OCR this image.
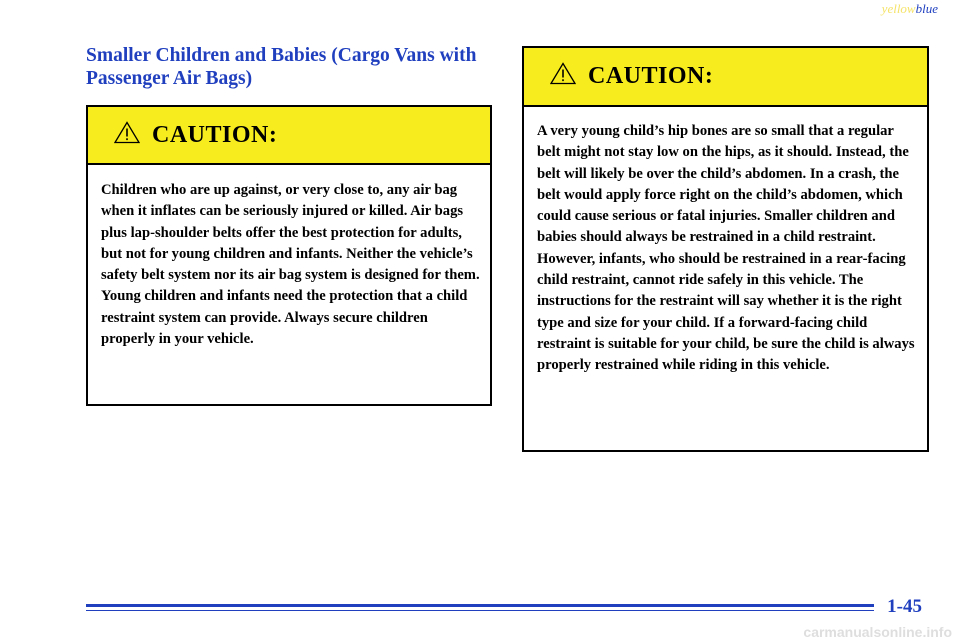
yellowblue
Smaller Children and Babies (Cargo Vans with Passenger Air Bags)
CAUTION:

Children who are up against, or very close to, any air bag when it inflates can be seriously injured or killed. Air bags plus lap‑shoulder belts offer the best protection for adults, but not for young children and infants. Neither the vehicle’s safety belt system nor its air bag system is designed for them. Young children and infants need the protection that a child restraint system can provide. Always secure children properly in your vehicle.

CAUTION:

A very young child’s hip bones are so small that a regular belt might not stay low on the hips, as it should. Instead, the belt will likely be over the child’s abdomen. In a crash, the belt would apply force right on the child’s abdomen, which could cause serious or fatal injuries. Smaller children and babies should always be restrained in a child restraint. However, infants, who should be restrained in a rear‑facing child restraint, cannot ride safely in this vehicle. The instructions for the restraint will say whether it is the right type and size for your child. If a forward‑facing child restraint is suitable for your child, be sure the child is always properly restrained while riding in this vehicle.

1-45
carmanualsonline.info
